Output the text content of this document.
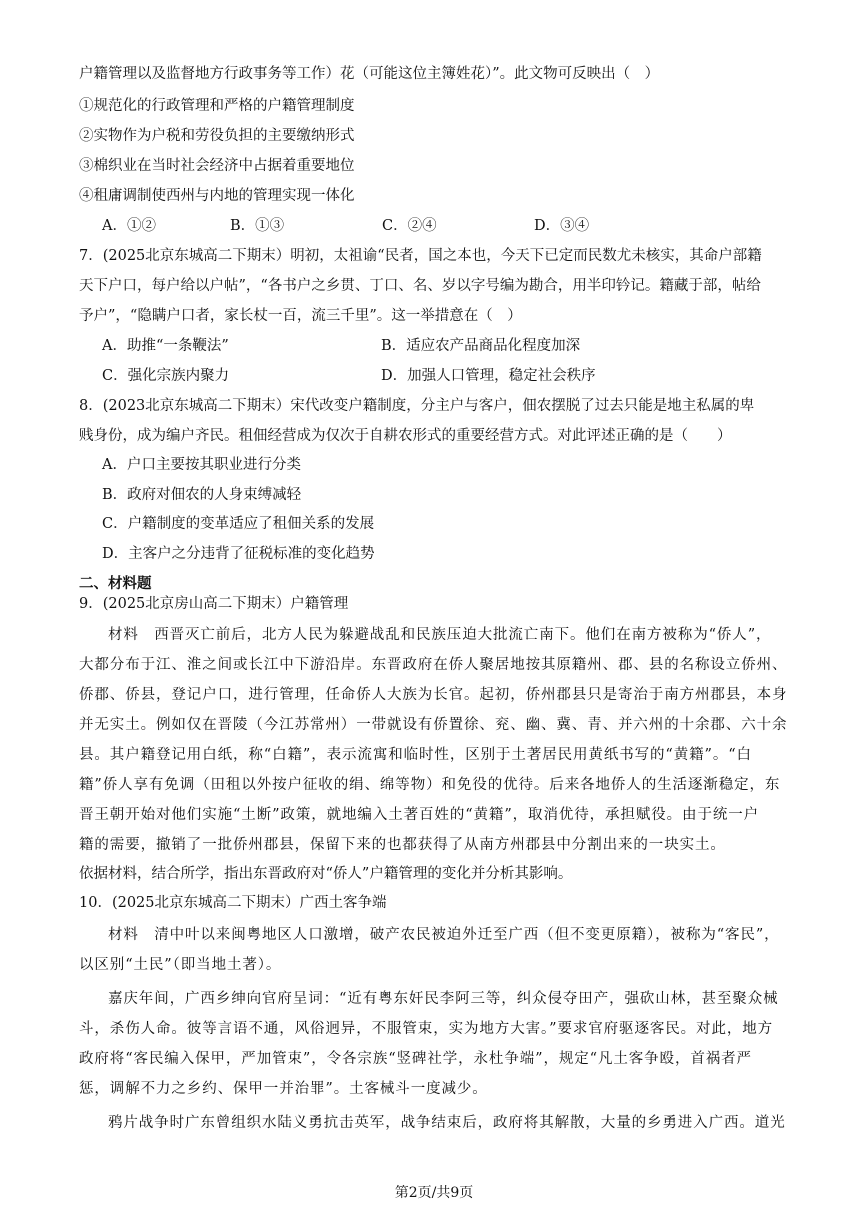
户籍管理以及监督地方行政事务等工作）花（可能这位主簿姓花）”。此文物可反映出（　）
①规范化的行政管理和严格的户籍管理制度
②实物作为户税和劳役负担的主要缴纳形式
③棉织业在当时社会经济中占据着重要地位
④租庸调制使西州与内地的管理实现一体化
A．①②	B．①③	C．②④	D．③④
7．(2025北京东城高二下期末）明初，太祖谕“民者，国之本也，今天下已定而民数尤未核实，其命户部籍
天下户口，每户给以户帖”，“各书户之乡贯、丁口、名、岁以字号编为勘合，用半印钤记。籍藏于部，帖给
予户”，“隐瞒户口者，家长杖一百，流三千里”。这一举措意在（　）
A．助推“一条鞭法”	B．适应农产品商品化程度加深
C．强化宗族内聚力	D．加强人口管理，稳定社会秩序
8．(2023北京东城高二下期末）宋代改变户籍制度，分主户与客户，佃农摆脱了过去只能是地主私属的卑
贱身份，成为编户齐民。租佃经营成为仅次于自耕农形式的重要经营方式。对此评述正确的是（　　）
A．户口主要按其职业进行分类
B．政府对佃农的人身束缚减轻
C．户籍制度的变革适应了租佃关系的发展
D．主客户之分违背了征税标准的变化趋势
二、材料题
9．(2025北京房山高二下期末）户籍管理
材料　西晋灭亡前后，北方人民为躲避战乱和民族压迫大批流亡南下。他们在南方被称为“侨人”，
大都分布于江、淮之间或长江中下游沿岸。东晋政府在侨人聚居地按其原籍州、郡、县的名称设立侨州、
侨郡、侨县，登记户口，进行管理，任命侨人大族为长官。起初，侨州郡县只是寄治于南方州郡县，本身
并无实土。例如仅在晋陵（今江苏常州）一带就设有侨置徐、兖、幽、冀、青、并六州的十余郡、六十余
县。其户籍登记用白纸，称“白籍”，表示流寓和临时性，区别于土著居民用黄纸书写的“黄籍”。“白
籍”侨人享有免调（田租以外按户征收的绢、绵等物）和免役的优待。后来各地侨人的生活逐渐稳定，东
晋王朝开始对他们实施“土断”政策，就地编入土著百姓的“黄籍”，取消优待，承担赋役。由于统一户
籍的需要，撤销了一批侨州郡县，保留下来的也都获得了从南方州郡县中分割出来的一块实土。
依据材料，结合所学，指出东晋政府对“侨人”户籍管理的变化并分析其影响。
10．(2025北京东城高二下期末）广西土客争端
材料　清中叶以来闽粤地区人口激增，破产农民被迫外迁至广西（但不变更原籍），被称为“客民”，
以区别“土民”（即当地土著）。
嘉庆年间，广西乡绅向官府呈词：“近有粤东奸民李阿三等，纠众侵夺田产，强砍山林，甚至聚众械
斗，杀伤人命。彼等言语不通，风俗迥异，不服管束，实为地方大害。”要求官府驱逐客民。对此，地方
政府将“客民编入保甲，严加管束”，令各宗族“竖碑社学，永杜争端”，规定“凡土客争殴，首祸者严
惩，调解不力之乡约、保甲一并治罪”。土客械斗一度减少。
鸦片战争时广东曾组织水陆义勇抗击英军，战争结束后，政府将其解散，大量的乡勇进入广西。道光
第2页/共9页
